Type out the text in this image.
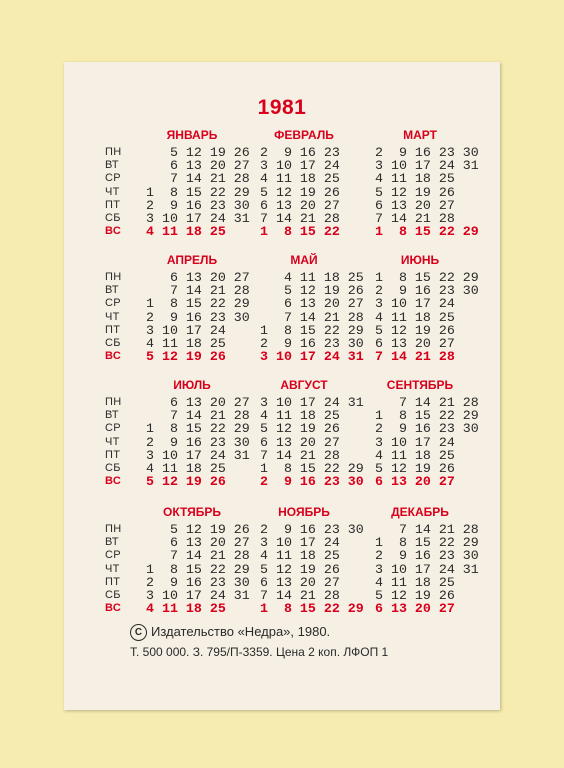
1981
ЯНВАРЬ
5 12 19 26
6 13 20 27
7 14 21 28
1  8 15 22 29
2  9 16 23 30
3 10 17 24 31
4 11 18 25
ФЕВРАЛЬ
2  9 16 23
3 10 17 24
4 11 18 25
5 12 19 26
6 13 20 27
7 14 21 28
1  8 15 22
МАРТ
2  9 16 23 30
3 10 17 24 31
4 11 18 25
5 12 19 26
6 13 20 27
7 14 21 28
1  8 15 22 29
АПРЕЛЬ
6 13 20 27
7 14 21 28
1  8 15 22 29
2  9 16 23 30
3 10 17 24
4 11 18 25
5 12 19 26
МАЙ
4 11 18 25
5 12 19 26
6 13 20 27
7 14 21 28
1  8 15 22 29
2  9 16 23 30
3 10 17 24 31
ИЮНЬ
1  8 15 22 29
2  9 16 23 30
3 10 17 24
4 11 18 25
5 12 19 26
6 13 20 27
7 14 21 28
ИЮЛЬ
6 13 20 27
7 14 21 28
1  8 15 22 29
2  9 16 23 30
3 10 17 24 31
4 11 18 25
5 12 19 26
АВГУСТ
3 10 17 24 31
4 11 18 25
5 12 19 26
6 13 20 27
7 14 21 28
1  8 15 22 29
2  9 16 23 30
СЕНТЯБРЬ
7 14 21 28
1  8 15 22 29
2  9 16 23 30
3 10 17 24
4 11 18 25
5 12 19 26
6 13 20 27
ОКТЯБРЬ
5 12 19 26
6 13 20 27
7 14 21 28
1  8 15 22 29
2  9 16 23 30
3 10 17 24 31
4 11 18 25
НОЯБРЬ
2  9 16 23 30
3 10 17 24
4 11 18 25
5 12 19 26
6 13 20 27
7 14 21 28
1  8 15 22 29
ДЕКАБРЬ
7 14 21 28
1  8 15 22 29
2  9 16 23 30
3 10 17 24 31
4 11 18 25
5 12 19 26
6 13 20 27
ПН
ВТ
СР
ЧТ
ПТ
СБ
ВС
ПН
ВТ
СР
ЧТ
ПТ
СБ
ВС
ПН
ВТ
СР
ЧТ
ПТ
СБ
ВС
ПН
ВТ
СР
ЧТ
ПТ
СБ
ВС
C Издательство «Недра», 1980.
Т. 500 000. З. 795/П-3359. Цена 2 коп. ЛФОП 1
